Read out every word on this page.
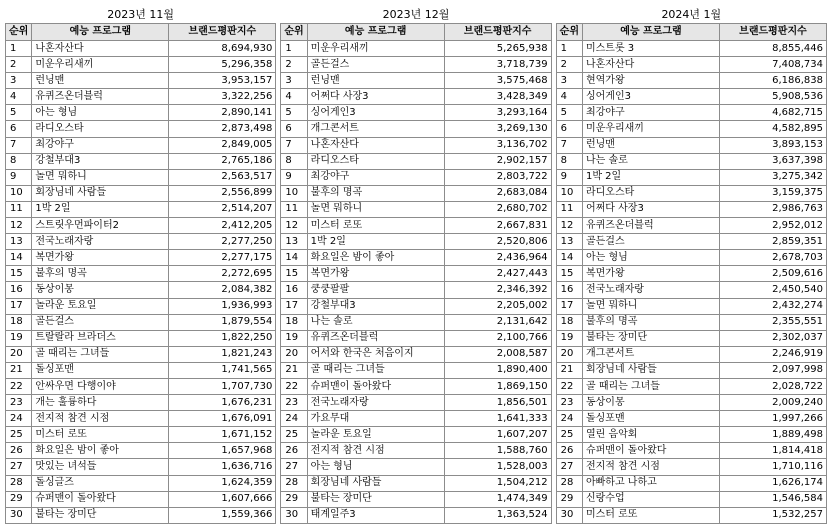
2023년 11월
순위	예능 프로그램	브랜드평판지수
1	나혼자산다	8,694,930
2	미운우리새끼	5,296,358
3	런닝맨	3,953,157
4	유퀴즈온더블럭	3,322,256
5	아는 형님	2,890,141
6	라디오스타	2,873,498
7	최강야구	2,849,005
8	강철부대3	2,765,186
9	놀면 뭐하니	2,563,517
10	회장님네 사람들	2,556,899
11	1박 2일	2,514,207
12	스트릿우먼파이터2	2,412,205
13	전국노래자랑	2,277,250
14	복면가왕	2,277,175
15	불후의 명곡	2,272,695
16	동상이몽	2,084,382
17	놀라운 토요일	1,936,993
18	골든걸스	1,879,554
19	트랄랄라 브라더스	1,822,250
20	골 때리는 그녀들	1,821,243
21	돌싱포맨	1,741,565
22	안싸우면 다행이야	1,707,730
23	개는 훌륭하다	1,676,231
24	전지적 참견 시점	1,676,091
25	미스터 로또	1,671,152
26	화요일은 밤이 좋아	1,657,968
27	맛있는 녀석들	1,636,716
28	돌싱글즈	1,624,359
29	슈퍼맨이 돌아왔다	1,607,666
30	불타는 장미단	1,559,366
2023년 12월
순위	예능 프로그램	브랜드평판지수
1	미운우리새끼	5,265,938
2	골든걸스	3,718,739
3	런닝맨	3,575,468
4	어쩌다 사장3	3,428,349
5	싱어게인3	3,293,164
6	개그콘서트	3,269,130
7	나혼자산다	3,136,702
8	라디오스타	2,902,157
9	최강야구	2,803,722
10	불후의 명곡	2,683,084
11	놀면 뭐하니	2,680,702
12	미스터 로또	2,667,831
13	1박 2일	2,520,806
14	화요일은 밤이 좋아	2,436,964
15	복면가왕	2,427,443
16	쿵쿵팔팔	2,346,392
17	강철부대3	2,205,002
18	나는 솔로	2,131,642
19	유퀴즈온더블럭	2,100,766
20	어서와 한국은 처음이지	2,008,587
21	골 때리는 그녀들	1,890,400
22	슈퍼맨이 돌아왔다	1,869,150
23	전국노래자랑	1,856,501
24	가요무대	1,641,333
25	놀라운 토요일	1,607,207
26	전지적 참견 시점	1,588,760
27	아는 형님	1,528,003
28	회장님네 사람들	1,504,212
29	불타는 장미단	1,474,349
30	태계일주3	1,363,524
2024년 1월
순위	예능 프로그램	브랜드평판지수
1	미스트롯 3	8,855,446
2	나혼자산다	7,408,734
3	현역가왕	6,186,838
4	싱어게인3	5,908,536
5	최강야구	4,682,715
6	미운우리새끼	4,582,895
7	런닝맨	3,893,153
8	나는 솔로	3,637,398
9	1박 2일	3,275,342
10	라디오스타	3,159,375
11	어쩌다 사장3	2,986,763
12	유퀴즈온더블럭	2,952,012
13	골든걸스	2,859,351
14	아는 형님	2,678,703
15	복면가왕	2,509,616
16	전국노래자랑	2,450,540
17	놀면 뭐하니	2,432,274
18	불후의 명곡	2,355,551
19	불타는 장미단	2,302,037
20	개그콘서트	2,246,919
21	회장님네 사람들	2,097,998
22	골 때리는 그녀들	2,028,722
23	동상이몽	2,009,240
24	돌싱포맨	1,997,266
25	열린 음악회	1,889,498
26	슈퍼맨이 돌아왔다	1,814,418
27	전지적 참견 시점	1,710,116
28	아빠하고 나하고	1,626,174
29	신랑수업	1,546,584
30	미스터 로또	1,532,257
